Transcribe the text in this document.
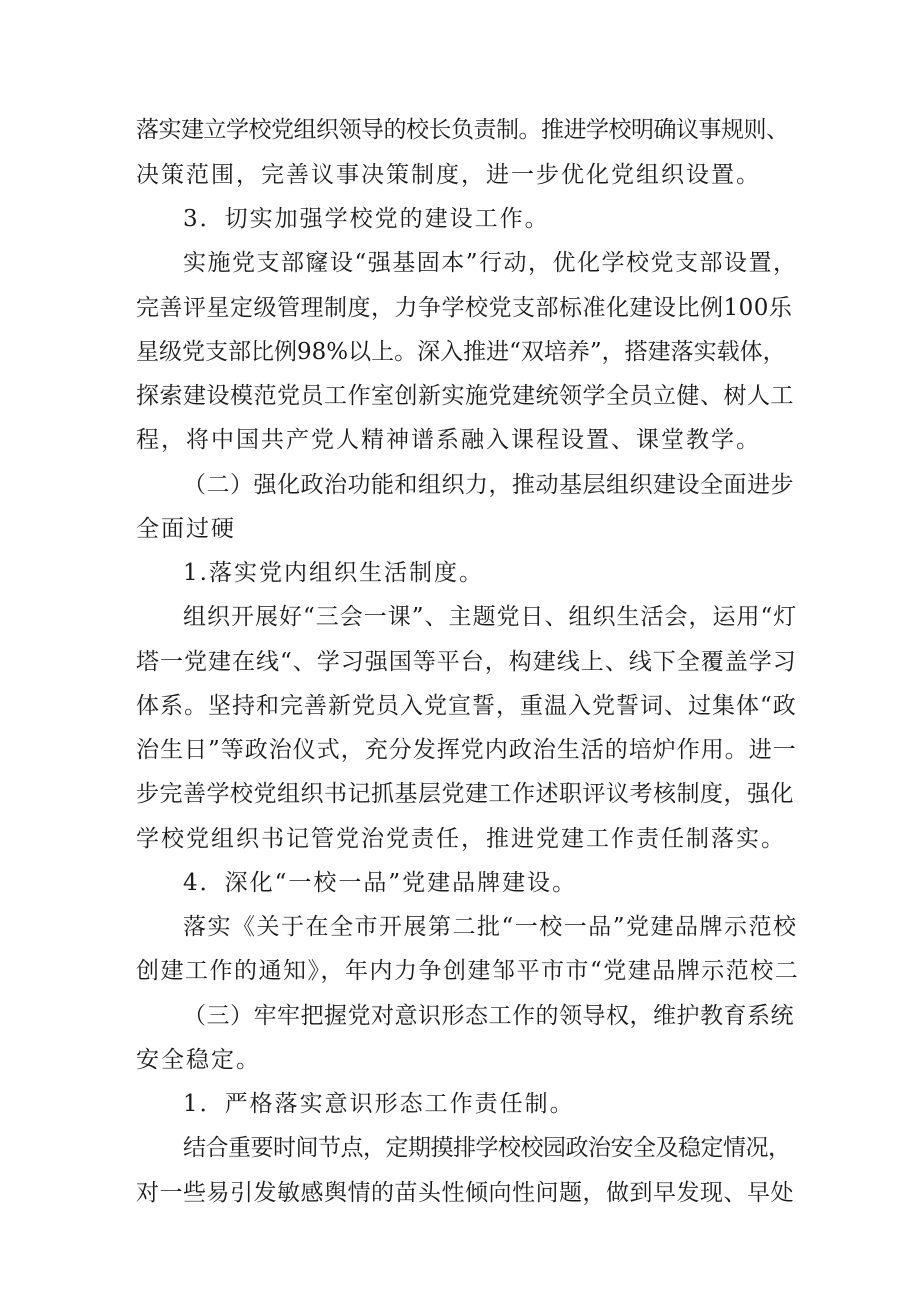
落实建立学校党组织领导的校长负责制。推进学校明确议事规则、
决策范围，完善议事决策制度，进一步优化党组织设置。
3．切实加强学校党的建设工作。
实施党支部窿设“强基固本”行动，优化学校党支部设置，
完善评星定级管理制度，力争学校党支部标准化建设比例100乐
星级党支部比例98%以上。深入推进“双培养”，搭建落实载体，
探索建设模范党员工作室创新实施党建统领学全员立健、树人工
程，将中国共产党人精神谱系融入课程设置、课堂教学。
（二）强化政治功能和组织力，推动基层组织建设全面进步
全面过硬
1.落实党内组织生活制度。
组织开展好“三会一课”、主题党日、组织生活会，运用“灯
塔一党建在线“、学习强国等平台，构建线上、线下全覆盖学习
体系。坚持和完善新党员入党宣誓，重温入党誓词、过集体“政
治生日”等政治仪式，充分发挥党内政治生活的培炉作用。进一
步完善学校党组织书记抓基层党建工作述职评议考核制度，强化
学校党组织书记管党治党责任，推进党建工作责任制落实。
4．深化“一校一品”党建品牌建设。
落实《关于在全市开展第二批“一校一品”党建品牌示范校
创建工作的通知》，年内力争创建邹平市市“党建品牌示范校二
（三）牢牢把握党对意识形态工作的领导权，维护教育系统
安全稳定。
1．严格落实意识形态工作责任制。
结合重要时间节点，定期摸排学校校园政治安全及稳定情况，
对一些易引发敏感舆情的苗头性倾向性问题，做到早发现、早处
